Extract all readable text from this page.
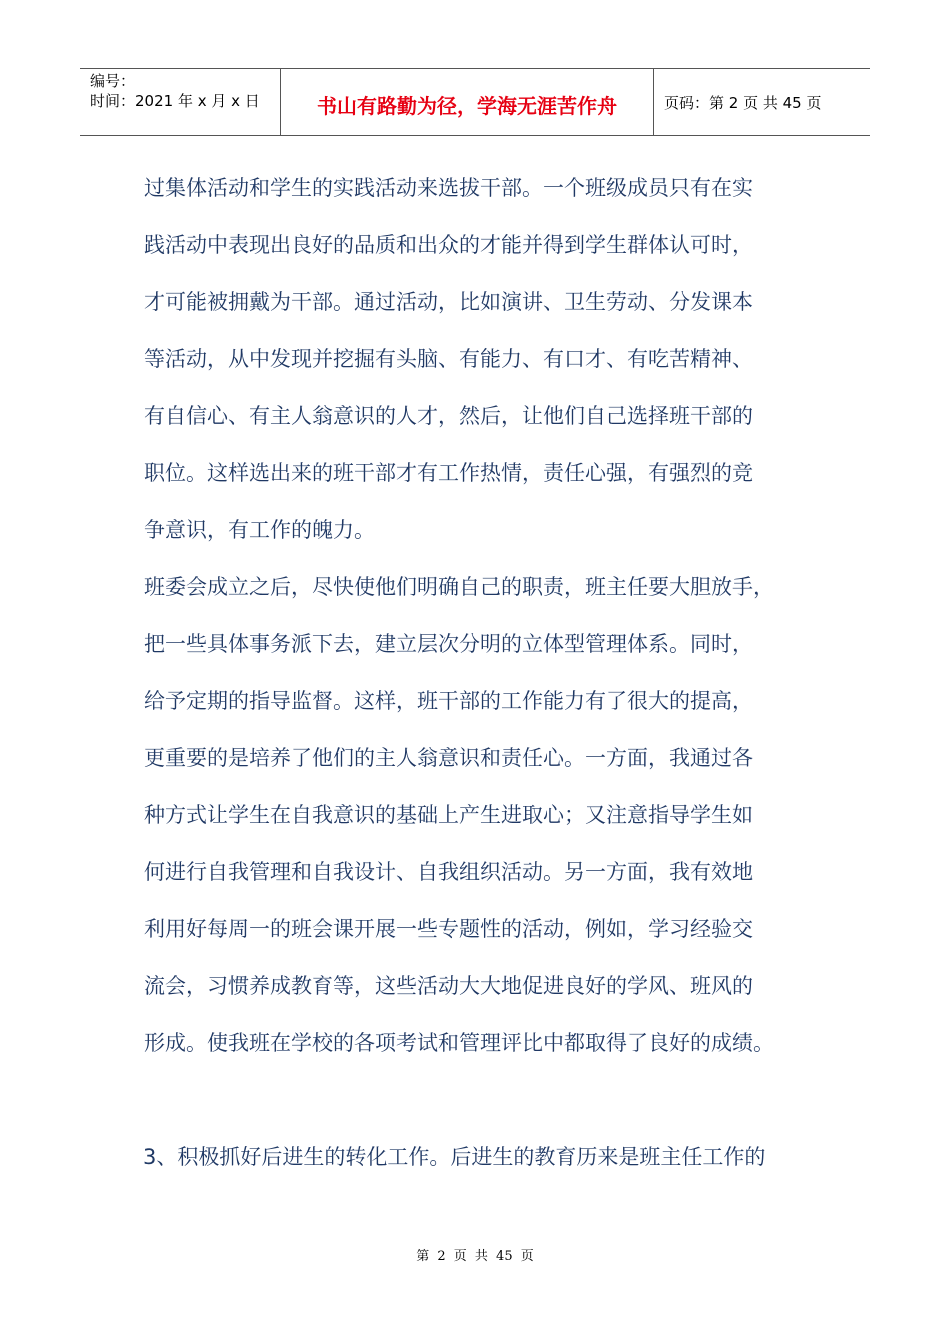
编号：
时间：2021 年 x 月 x 日	书山有路勤为径，学海无涯苦作舟	页码：第 2 页 共 45 页

过集体活动和学生的实践活动来选拔干部。一个班级成员只有在实

践活动中表现出良好的品质和出众的才能并得到学生群体认可时，

才可能被拥戴为干部。通过活动，比如演讲、卫生劳动、分发课本

等活动，从中发现并挖掘有头脑、有能力、有口才、有吃苦精神、

有自信心、有主人翁意识的人才，然后，让他们自己选择班干部的

职位。这样选出来的班干部才有工作热情，责任心强，有强烈的竞

争意识，有工作的魄力。

班委会成立之后，尽快使他们明确自己的职责，班主任要大胆放手，

把一些具体事务派下去，建立层次分明的立体型管理体系。同时，

给予定期的指导监督。这样，班干部的工作能力有了很大的提高，

更重要的是培养了他们的主人翁意识和责任心。一方面，我通过各

种方式让学生在自我意识的基础上产生进取心；又注意指导学生如

何进行自我管理和自我设计、自我组织活动。另一方面，我有效地

利用好每周一的班会课开展一些专题性的活动，例如，学习经验交

流会，习惯养成教育等，这些活动大大地促进良好的学风、班风的

形成。使我班在学校的各项考试和管理评比中都取得了良好的成绩。

3、积极抓好后进生的转化工作。后进生的教育历来是班主任工作的

第 2 页 共 45 页
